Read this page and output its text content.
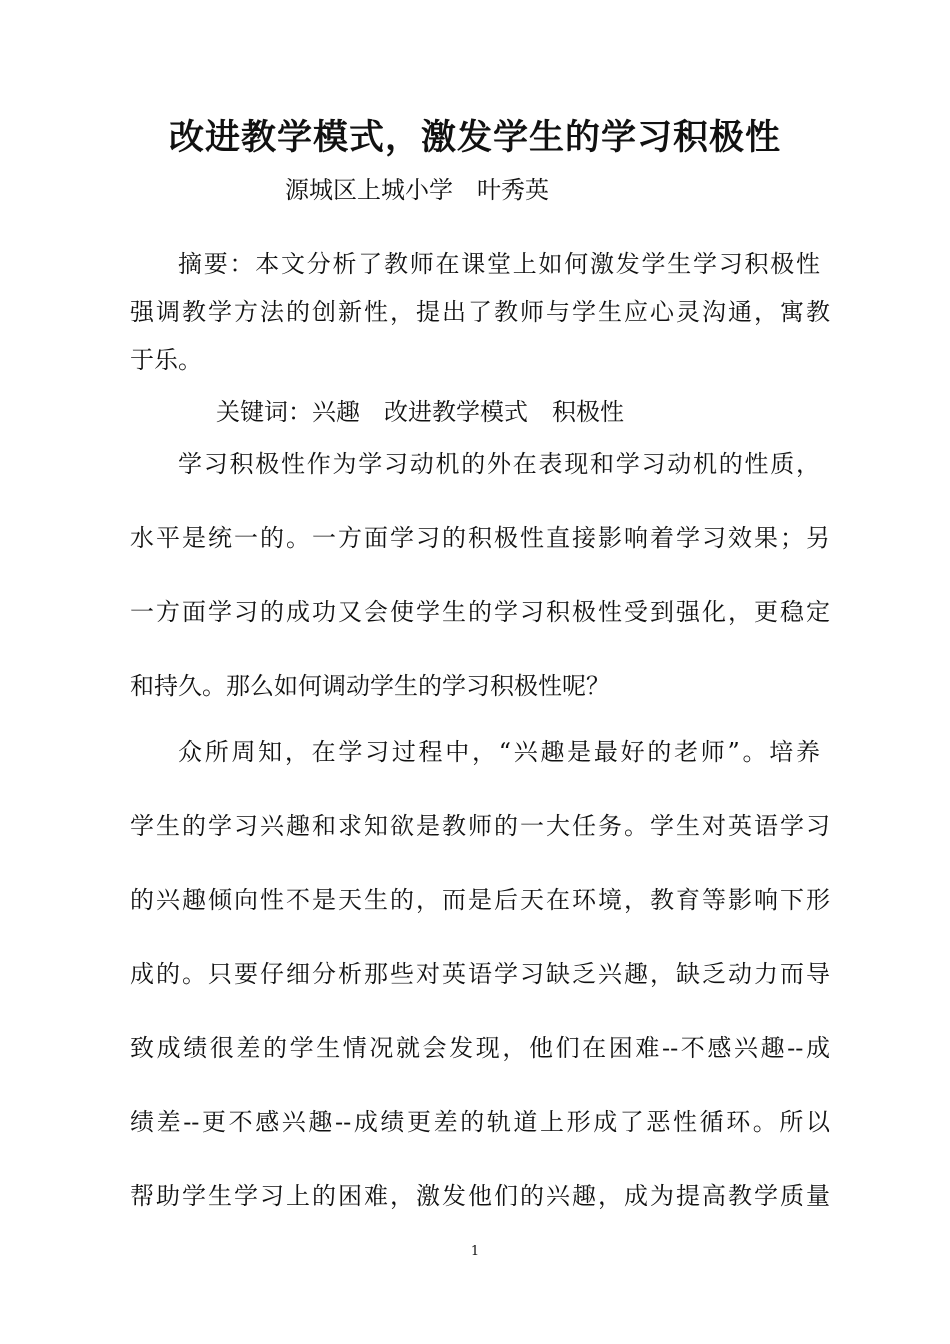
改进教学模式，激发学生的学习积极性
源城区上城小学　叶秀英
摘要：本文分析了教师在课堂上如何激发学生学习积极性
强调教学方法的创新性，提出了教师与学生应心灵沟通，寓教
于乐。
关键词：兴趣　改进教学模式　积极性
学习积极性作为学习动机的外在表现和学习动机的性质，
水平是统一的。一方面学习的积极性直接影响着学习效果；另
一方面学习的成功又会使学生的学习积极性受到强化，更稳定
和持久。那么如何调动学生的学习积极性呢？
众所周知，在学习过程中，“兴趣是最好的老师”。培养
学生的学习兴趣和求知欲是教师的一大任务。学生对英语学习
的兴趣倾向性不是天生的，而是后天在环境，教育等影响下形
成的。只要仔细分析那些对英语学习缺乏兴趣，缺乏动力而导
致成绩很差的学生情况就会发现，他们在困难--不感兴趣--成
绩差--更不感兴趣--成绩更差的轨道上形成了恶性循环。所以
帮助学生学习上的困难，激发他们的兴趣，成为提高教学质量
1
